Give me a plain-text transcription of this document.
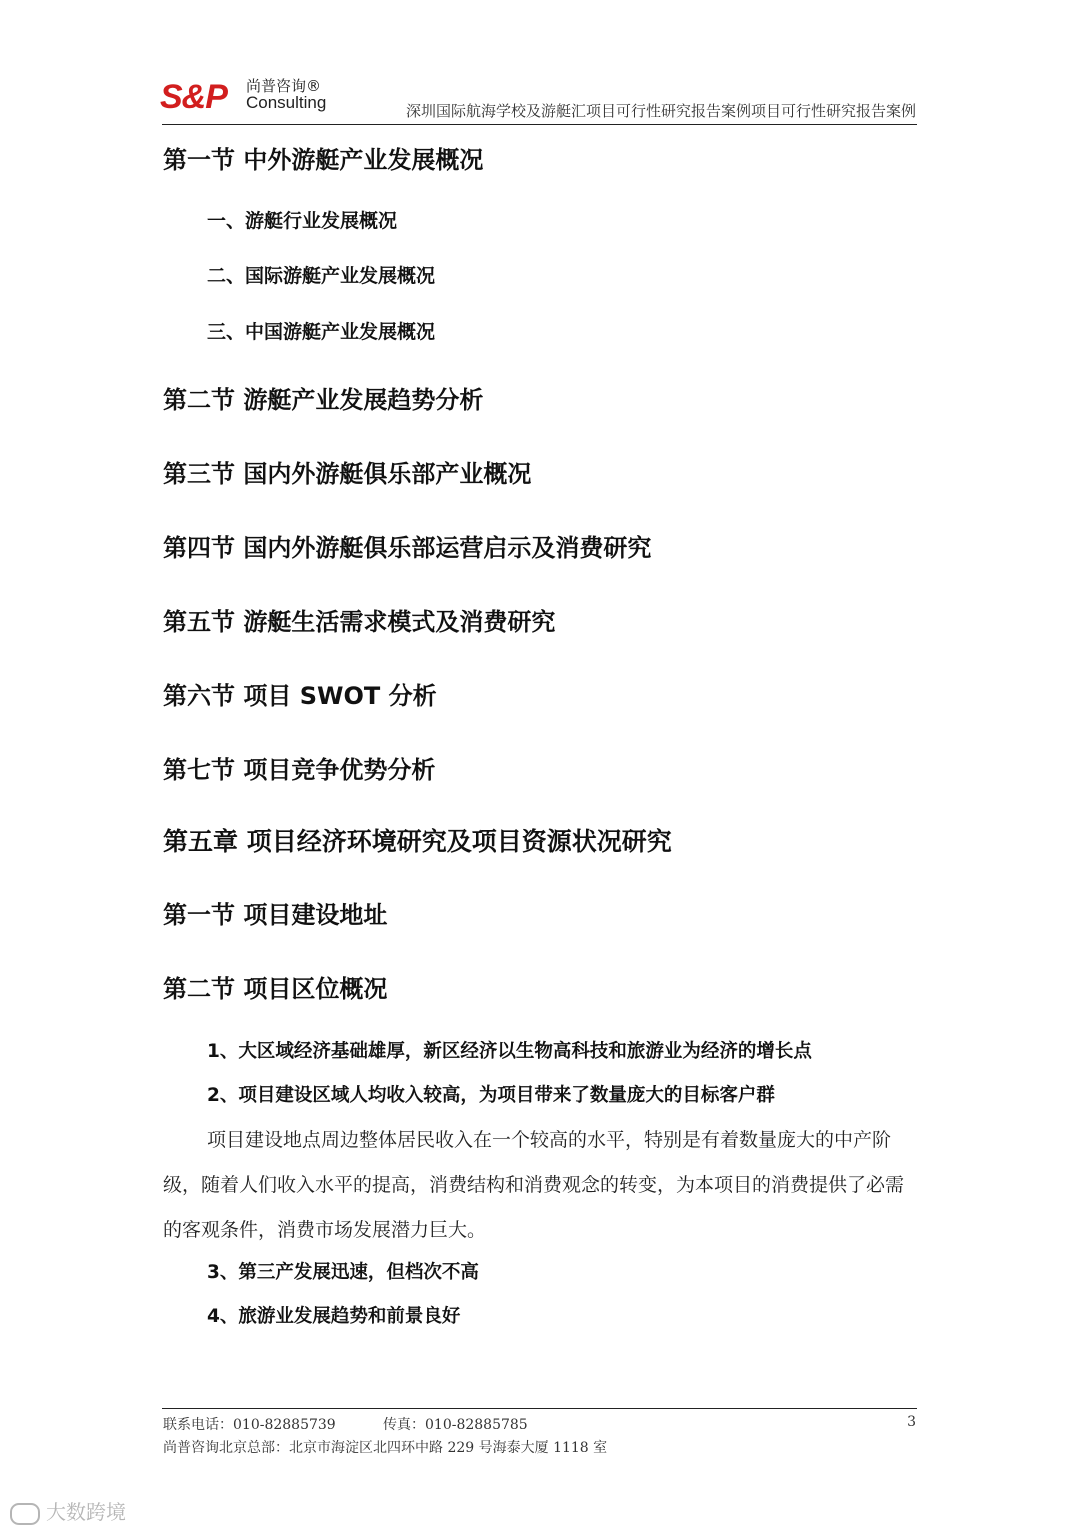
S&P 尚普咨询®
Consulting	深圳国际航海学校及游艇汇项目可行性研究报告案例项目可行性研究报告案例
第一节 中外游艇产业发展概况
一、游艇行业发展概况
二、国际游艇产业发展概况
三、中国游艇产业发展概况
第二节 游艇产业发展趋势分析
第三节 国内外游艇俱乐部产业概况
第四节 国内外游艇俱乐部运营启示及消费研究
第五节 游艇生活需求模式及消费研究
第六节 项目 SWOT 分析
第七节 项目竞争优势分析
第五章 项目经济环境研究及项目资源状况研究
第一节 项目建设地址
第二节 项目区位概况
1、大区域经济基础雄厚，新区经济以生物高科技和旅游业为经济的增长点
2、项目建设区域人均收入较高，为项目带来了数量庞大的目标客户群
项目建设地点周边整体居民收入在一个较高的水平，特别是有着数量庞大的中产阶级，随着人们收入水平的提高，消费结构和消费观念的转变，为本项目的消费提供了必需的客观条件，消费市场发展潜力巨大。
3、第三产发展迅速，但档次不高
4、旅游业发展趋势和前景良好
联系电话：010-82885739	传真：010-82885785	3
尚普咨询北京总部：北京市海淀区北四环中路 229 号海泰大厦 1118 室
大数跨境
